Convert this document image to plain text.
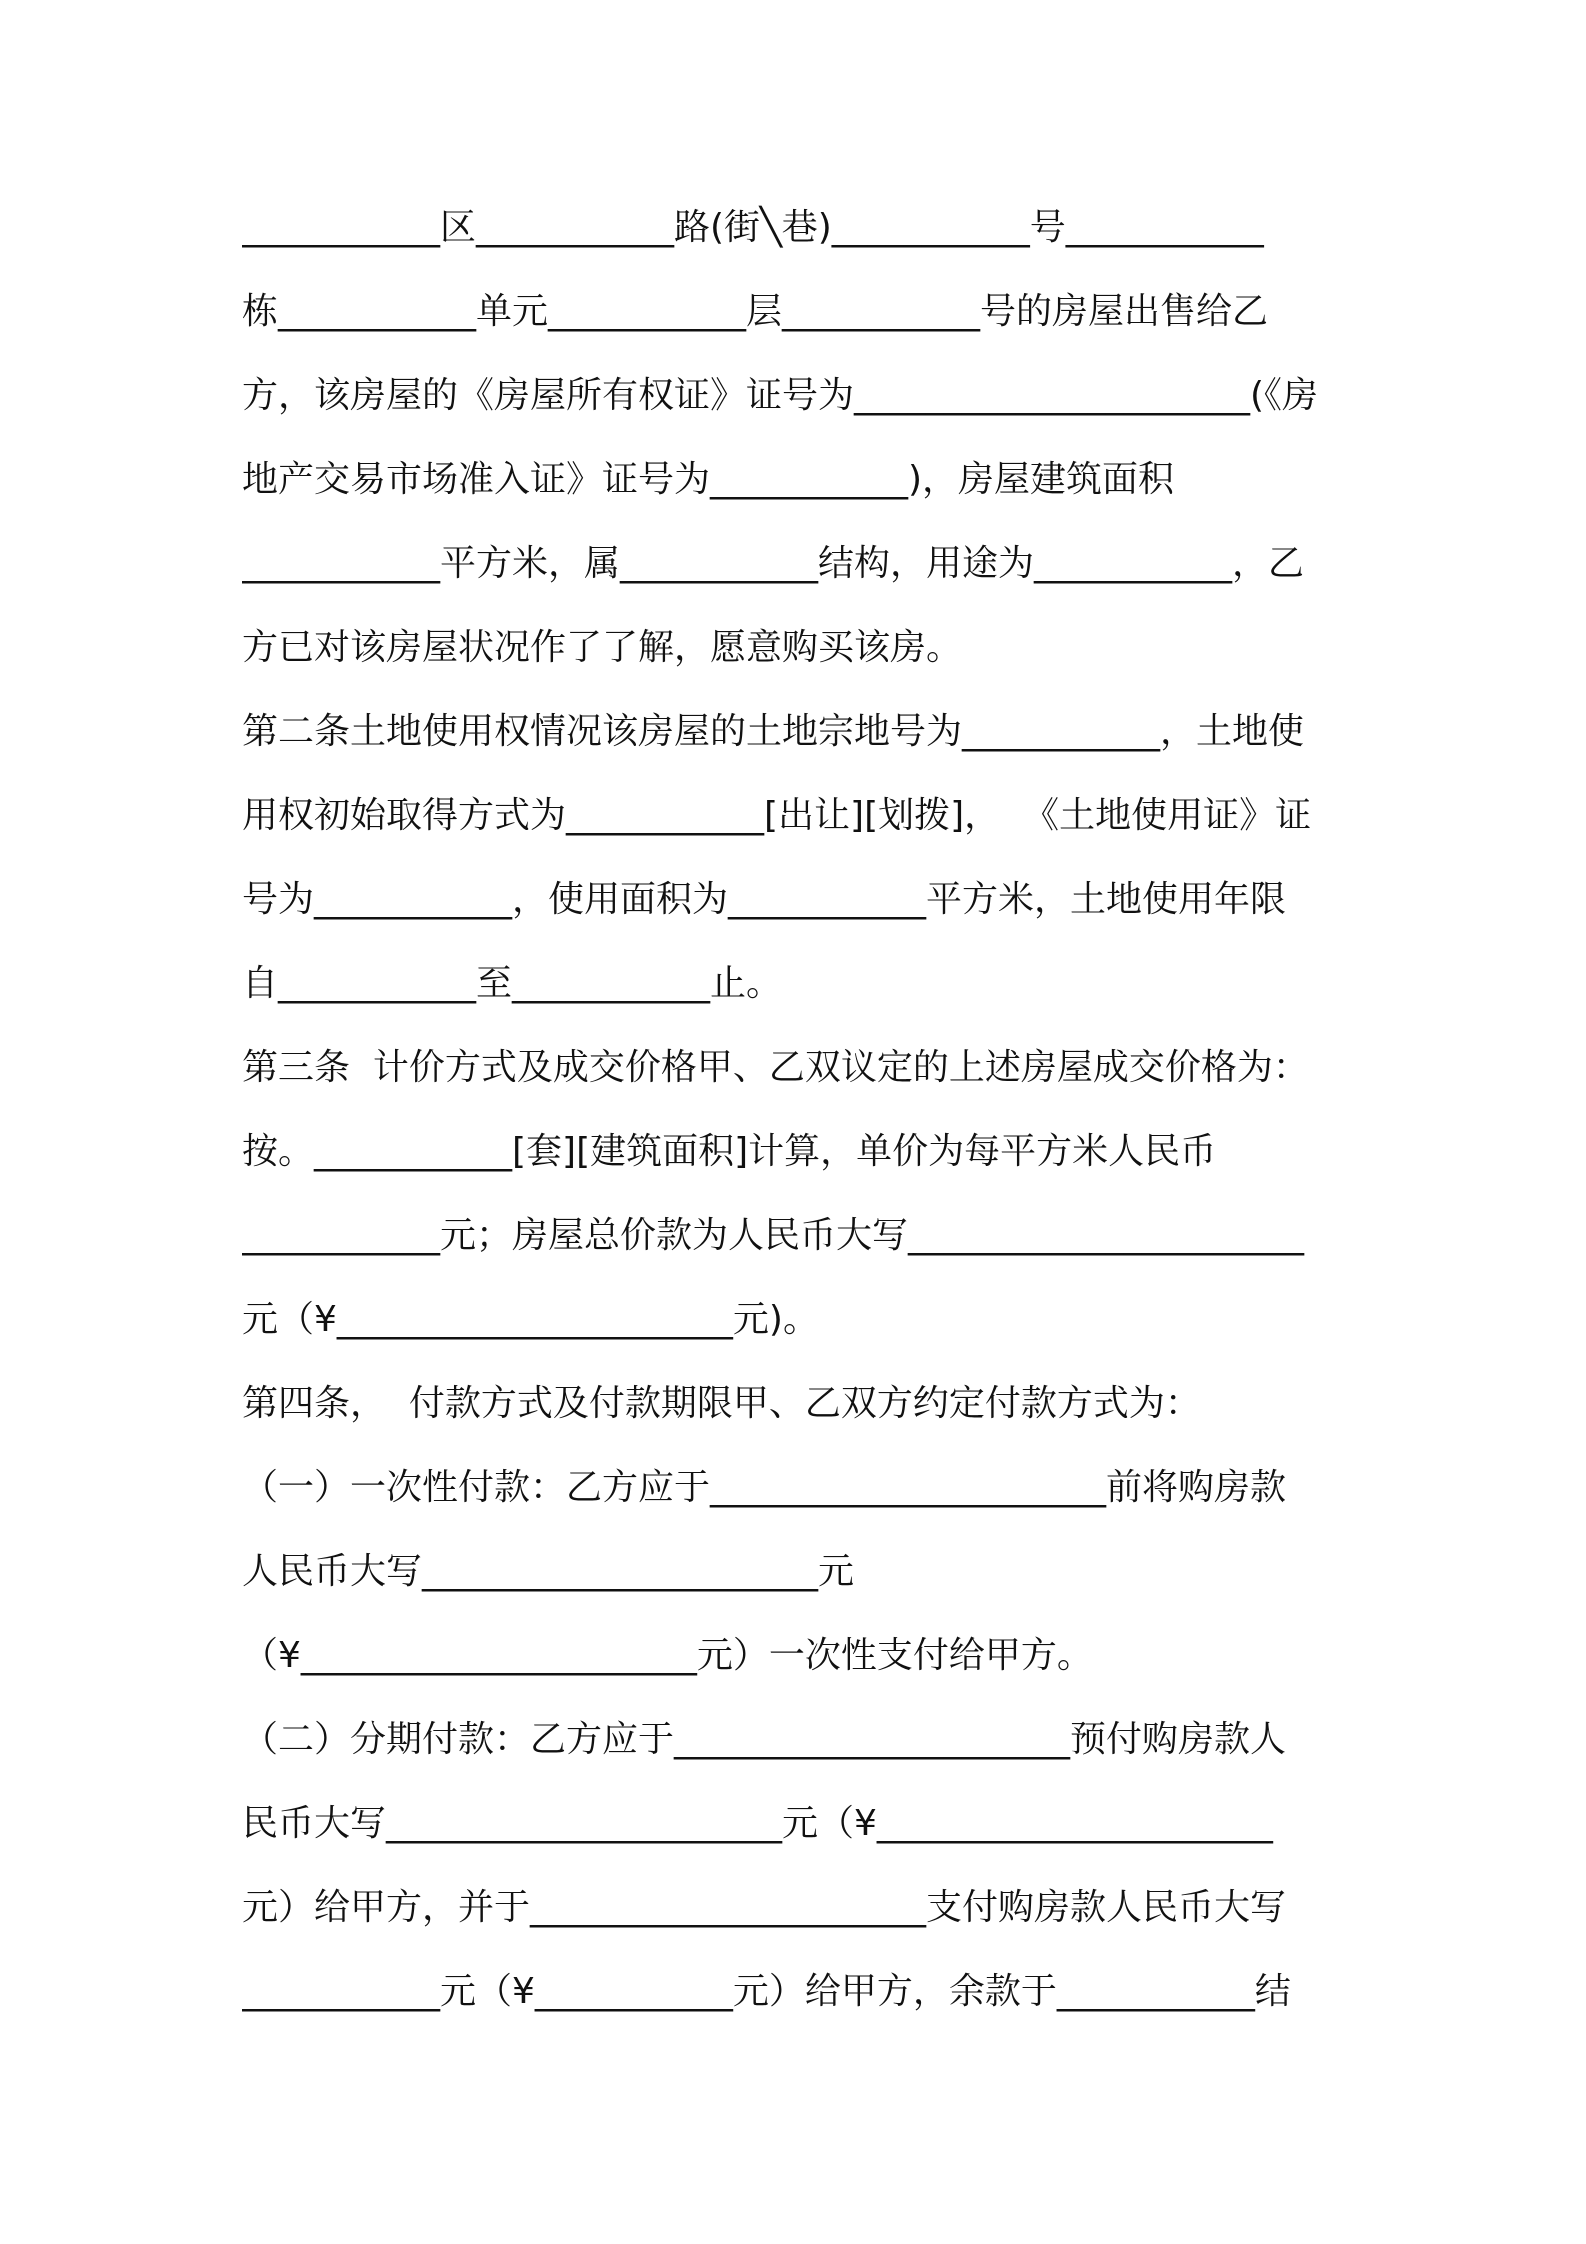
___________区___________路(街╲巷)___________号___________
栋___________单元___________层___________号的房屋出售给乙
方，该房屋的《房屋所有权证》证号为______________________(《房
地产交易市场准入证》证号为___________)，房屋建筑面积
___________平方米，属___________结构，用途为___________，乙
方已对该房屋状况作了了解，愿意购买该房。
第二条土地使用权情况该房屋的土地宗地号为___________，土地使
用权初始取得方式为___________[出让][划拨]，  《土地使用证》证
号为___________，使用面积为___________平方米，土地使用年限
自___________至___________止。
第三条  计价方式及成交价格甲、乙双议定的上述房屋成交价格为：
按。___________[套][建筑面积]计算，单价为每平方米人民币
___________元；房屋总价款为人民币大写______________________
元（¥______________________元)。
第四条，  付款方式及付款期限甲、乙双方约定付款方式为：
（一）一次性付款：乙方应于______________________前将购房款
人民币大写______________________元
（¥______________________元）一次性支付给甲方。
（二）分期付款：乙方应于______________________预付购房款人
民币大写______________________元（¥______________________
元）给甲方，并于______________________支付购房款人民币大写
___________元（¥___________元）给甲方，余款于___________结
